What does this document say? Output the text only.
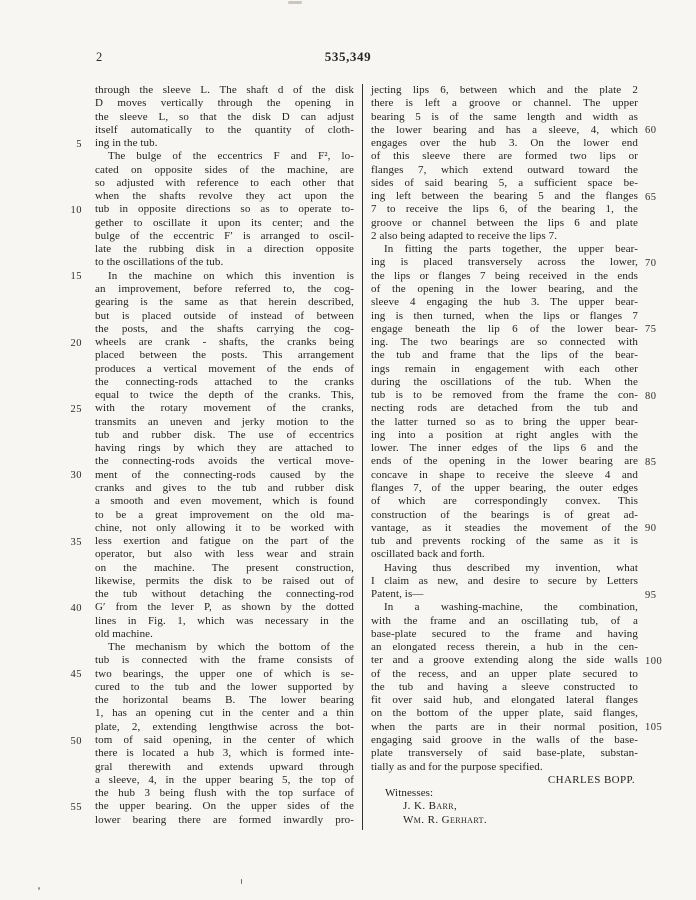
2	535,349
through the sleeve L. The shaft d of the disk
D moves vertically through the opening in
the sleeve L, so that the disk D can adjust
itself automatically to the quantity of cloth-
ing in the tub.
5
The bulge of the eccentrics F and F², lo-
cated on opposite sides of the machine, are
so adjusted with reference to each other that
when the shafts revolve they act upon the
tub in opposite directions so as to operate to-
10
gether to oscillate it upon its center; and the
bulge of the eccentric F′ is arranged to oscil-
late the rubbing disk in a direction opposite
to the oscillations of the tub.
In the machine on which this invention is
15
an improvement, before referred to, the cog-
gearing is the same as that herein described,
but is placed outside of instead of between
the posts, and the shafts carrying the cog-
wheels are crank - shafts, the cranks being
20
placed between the posts. This arrangement
produces a vertical movement of the ends of
the connecting-rods attached to the cranks
equal to twice the depth of the cranks. This,
with the rotary movement of the cranks,
25
transmits an uneven and jerky motion to the
tub and rubber disk. The use of eccentrics
having rings by which they are attached to
the connecting-rods avoids the vertical move-
ment of the connecting-rods caused by the
30
cranks and gives to the tub and rubber disk
a smooth and even movement, which is found
to be a great improvement on the old ma-
chine, not only allowing it to be worked with
less exertion and fatigue on the part of the
35
operator, but also with less wear and strain
on the machine. The present construction,
likewise, permits the disk to be raised out of
the tub without detaching the connecting-rod
G′ from the lever P, as shown by the dotted
40
lines in Fig. 1, which was necessary in the
old machine.
The mechanism by which the bottom of the
tub is connected with the frame consists of
two bearings, the upper one of which is se-
45
cured to the tub and the lower supported by
the horizontal beams B. The lower bearing
1, has an opening cut in the center and a thin
plate, 2, extending lengthwise across the bot-
tom of said opening, in the center of which
50
there is located a hub 3, which is formed inte-
gral therewith and extends upward through
a sleeve, 4, in the upper bearing 5, the top of
the hub 3 being flush with the top surface of
the upper bearing. On the upper sides of the
55
lower bearing there are formed inwardly pro-
jecting lips 6, between which and the plate 2
there is left a groove or channel. The upper
bearing 5 is of the same length and width as
the lower bearing and has a sleeve, 4, which 60
engages over the hub 3. On the lower end
of this sleeve there are formed two lips or
flanges 7, which extend outward toward the
sides of said bearing 5, a sufficient space be-
ing left between the bearing 5 and the flanges 65
7 to receive the lips 6, of the bearing 1, the
groove or channel between the lips 6 and plate
2 also being adapted to receive the lips 7.
In fitting the parts together, the upper bear-
ing is placed transversely across the lower, 70
the lips or flanges 7 being received in the ends
of the opening in the lower bearing, and the
sleeve 4 engaging the hub 3. The upper bear-
ing is then turned, when the lips or flanges 7
engage beneath the lip 6 of the lower bear- 75
ing. The two bearings are so connected with
the tub and frame that the lips of the bear-
ings remain in engagement with each other
during the oscillations of the tub. When the
tub is to be removed from the frame the con- 80
necting rods are detached from the tub and
the latter turned so as to bring the upper bear-
ing into a position at right angles with the
lower. The inner edges of the lips 6 and the
ends of the opening in the lower bearing are 85
concave in shape to receive the sleeve 4 and
flanges 7, of the upper bearing, the outer edges
of which are correspondingly convex. This
construction of the bearings is of great ad-
vantage, as it steadies the movement of the 90
tub and prevents rocking of the same as it is
oscillated back and forth.
Having thus described my invention, what
I claim as new, and desire to secure by Letters
Patent, is—	95
In a washing-machine, the combination,
with the frame and an oscillating tub, of a
base-plate secured to the frame and having
an elongated recess therein, a hub in the cen-
ter and a groove extending along the side walls 100
of the recess, and an upper plate secured to
the tub and having a sleeve constructed to
fit over said hub, and elongated lateral flanges
on the bottom of the upper plate, said flanges,
when the parts are in their normal position, 105
engaging said groove in the walls of the base-
plate transversely of said base-plate, substan-
tially as and for the purpose specified.
CHARLES BOPP.
Witnesses:
J. K. Barr,
Wm. R. Gerhart.
